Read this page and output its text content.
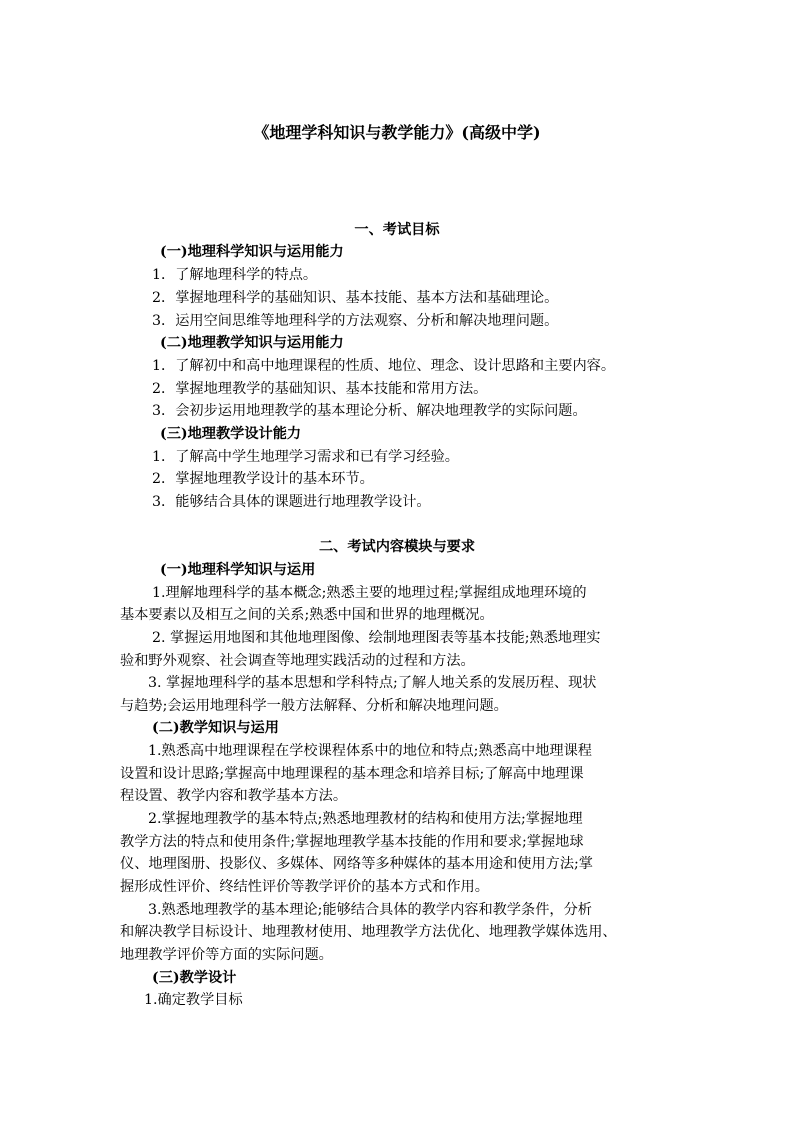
《地理学科知识与教学能力》(高级中学)
一、考试目标
(一)地理科学知识与运用能力
1．了解地理科学的特点。
2．掌握地理科学的基础知识、基本技能、基本方法和基础理论。
3．运用空间思维等地理科学的方法观察、分析和解决地理问题。
(二)地理教学知识与运用能力
1．了解初中和高中地理课程的性质、地位、理念、设计思路和主要内容。
2．掌握地理教学的基础知识、基本技能和常用方法。
3．会初步运用地理教学的基本理论分析、解决地理教学的实际问题。
(三)地理教学设计能力
1．了解高中学生地理学习需求和已有学习经验。
2．掌握地理教学设计的基本环节。
3．能够结合具体的课题进行地理教学设计。
二、考试内容模块与要求
(一)地理科学知识与运用
1.理解地理科学的基本概念;熟悉主要的地理过程;掌握组成地理环境的
基本要素以及相互之间的关系;熟悉中国和世界的地理概况。
2. 掌握运用地图和其他地理图像、绘制地理图表等基本技能;熟悉地理实
验和野外观察、社会调查等地理实践活动的过程和方法。
3. 掌握地理科学的基本思想和学科特点;了解人地关系的发展历程、现状
与趋势;会运用地理科学一般方法解释、分析和解决地理问题。
(二)教学知识与运用
1.熟悉高中地理课程在学校课程体系中的地位和特点;熟悉高中地理课程
设置和设计思路;掌握高中地理课程的基本理念和培养目标;了解高中地理课
程设置、教学内容和教学基本方法。
2.掌握地理教学的基本特点;熟悉地理教材的结构和使用方法;掌握地理
教学方法的特点和使用条件;掌握地理教学基本技能的作用和要求;掌握地球
仪、地理图册、投影仪、多媒体、网络等多种媒体的基本用途和使用方法;掌
握形成性评价、终结性评价等教学评价的基本方式和作用。
3.熟悉地理教学的基本理论;能够结合具体的教学内容和教学条件，分析
和解决教学目标设计、地理教材使用、地理教学方法优化、地理教学媒体选用、
地理教学评价等方面的实际问题。
(三)教学设计
1.确定教学目标
